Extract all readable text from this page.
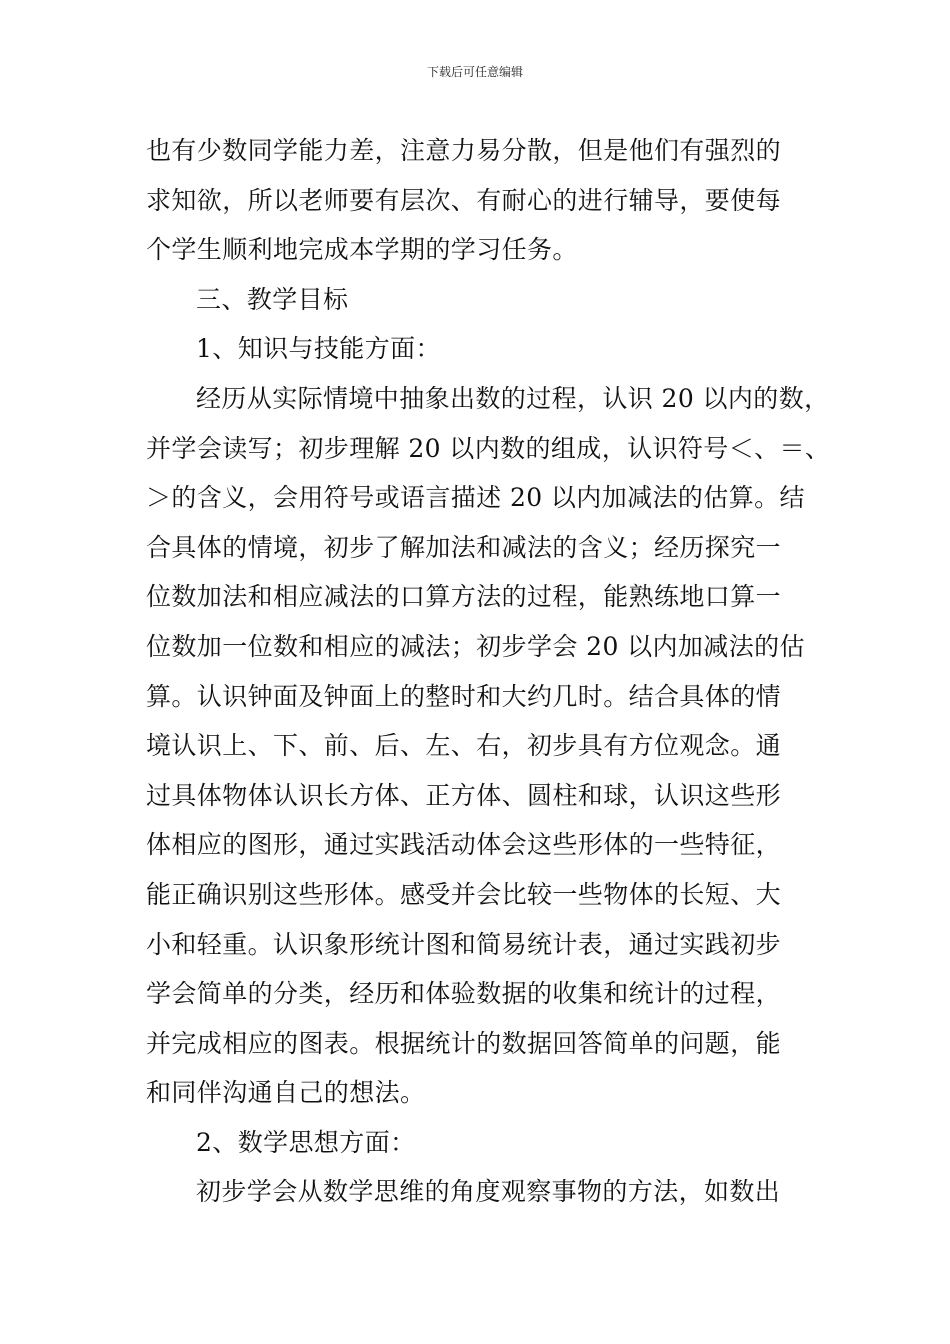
下载后可任意编辑
也有少数同学能力差，注意力易分散，但是他们有强烈的
求知欲，所以老师要有层次、有耐心的进行辅导，要使每
个学生顺利地完成本学期的学习任务。
三、教学目标
1、知识与技能方面：
经历从实际情境中抽象出数的过程，认识 20 以内的数，
并学会读写；初步理解 20 以内数的组成，认识符号＜、＝、
＞的含义，会用符号或语言描述 20 以内加减法的估算。结
合具体的情境，初步了解加法和减法的含义；经历探究一
位数加法和相应减法的口算方法的过程，能熟练地口算一
位数加一位数和相应的减法；初步学会 20 以内加减法的估
算。认识钟面及钟面上的整时和大约几时。结合具体的情
境认识上、下、前、后、左、右，初步具有方位观念。通
过具体物体认识长方体、正方体、圆柱和球，认识这些形
体相应的图形，通过实践活动体会这些形体的一些特征，
能正确识别这些形体。感受并会比较一些物体的长短、大
小和轻重。认识象形统计图和简易统计表，通过实践初步
学会简单的分类，经历和体验数据的收集和统计的过程，
并完成相应的图表。根据统计的数据回答简单的问题，能
和同伴沟通自己的想法。
2、数学思想方面：
初步学会从数学思维的角度观察事物的方法，如数出
